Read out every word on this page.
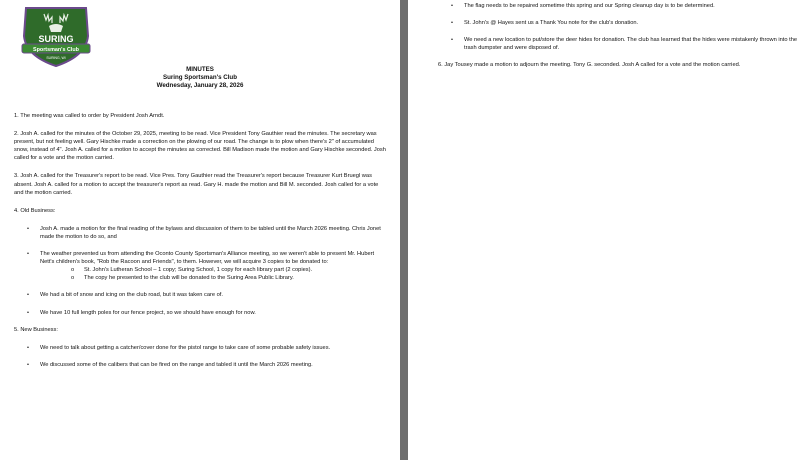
SURING
Sportsman's Club
SURING, WI
MINUTES
Suring Sportsman's Club
Wednesday, January 28, 2026

1. The meeting was called to order by President Josh Arndt.

2. Josh A. called for the minutes of the October 29, 2025, meeting to be read. Vice President Tony Gauthier read the minutes. The secretary was present, but not feeling well. Gary Hischke made a correction on the plowing of our road. The change is to plow when there's 2" of accumulated snow, instead of 4". Josh A. called for a motion to accept the minutes as corrected. Bill Madison made the motion and Gary Hischke seconded. Josh called for a vote and the motion carried.

3. Josh A. called for the Treasurer's report to be read. Vice Pres. Tony Gauthier read the Treasurer's report because Treasurer Kurt Bruegl was absent. Josh A. called for a motion to accept the treasurer's report as read. Gary H. made the motion and Bill M. seconded. Josh called for a vote and the motion carried.

4. Old Business:

• Josh A. made a motion for the final reading of the bylaws and discussion of them to be tabled until the March 2026 meeting. Chris Jonet made the motion to do so, and
• The weather prevented us from attending the Oconto County Sportsman's Alliance meeting, so we weren't able to present Mr. Hubert Nett's children's book, "Rob the Racoon and Friends", to them. However, we will acquire 3 copies to be donated to:
o St. John's Lutheran School – 1 copy; Suring School, 1 copy for each library part (2 copies).
o The copy he presented to the club will be donated to the Suring Area Public Library.
• We had a bit of snow and icing on the club road, but it was taken care of.
• We have 10 full length poles for our fence project, so we should have enough for now.

5. New Business:

• We need to talk about getting a catcher/cover done for the pistol range to take care of some probable safety issues.
• We discussed some of the calibers that can be fired on the range and tabled it until the March 2026 meeting.
• The flag needs to be repaired sometime this spring and our Spring cleanup day is to be determined.
• St. John's @ Hayes sent us a Thank You note for the club's donation.
• We need a new location to put/store the deer hides for donation. The club has learned that the hides were mistakenly thrown into the trash dumpster and were disposed of.

6. Jay Tousey made a motion to adjourn the meeting. Tony G. seconded. Josh A called for a vote and the motion carried.
